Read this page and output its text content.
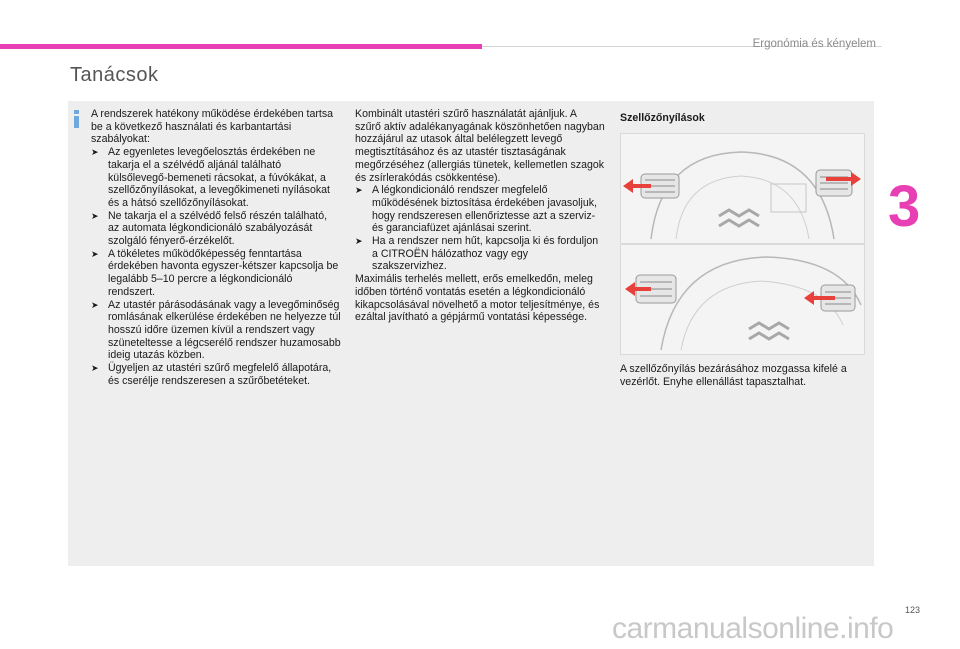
Ergonómia és kényelem
3
Tanácsok

A rendszerek hatékony működése érdekében tartsa be a következő használati és karbantartási szabályokat:

➤ Az egyenletes levegőelosztás érdekében ne takarja el a szélvédő aljánál található külsőlevegő-bemeneti rácsokat, a fúvókákat, a szellőzőnyílásokat, a levegőkimeneti nyílásokat és a hátsó szellőzőnyílásokat.
➤ Ne takarja el a szélvédő felső részén található, az automata légkondicionáló szabályozását szolgáló fényerő-érzékelőt.
➤ A tökéletes működőképesség fenntartása érdekében havonta egyszer-kétszer kapcsolja be legalább 5–10 percre a légkondicionáló rendszert.
➤ Az utastér párásodásának vagy a levegőminőség romlásának elkerülése érdekében ne helyezze túl hosszú időre üzemen kívül a rendszert vagy szüneteltesse a légcserélő rendszer huzamosabb ideig utazás közben.
➤ Ügyeljen az utastéri szűrő megfelelő állapotára, és cserélje rendszeresen a szűrőbetéteket.

Kombinált utastéri szűrő használatát ajánljuk. A szűrő aktív adalékanyagának köszönhetően nagyban hozzájárul az utasok által belélegzett levegő megtisztításához és az utastér tisztaságának megőrzéséhez (allergiás tünetek, kellemetlen szagok és zsírlerakódás csökkentése).

➤ A légkondicionáló rendszer megfelelő működésének biztosítása érdekében javasoljuk, hogy rendszeresen ellenőriztesse azt a szerviz- és garanciafüzet ajánlásai szerint.
➤ Ha a rendszer nem hűt, kapcsolja ki és forduljon a CITROËN hálózathoz vagy egy szakszervizhez.

Maximális terhelés mellett, erős emelkedőn, meleg időben történő vontatás esetén a légkondicionáló kikapcsolásával növelhető a motor teljesítménye, és ezáltal javítható a gépjármű vontatási képessége.

Szellőzőnyílások

A szellőzőnyílás bezárásához mozgassa kifelé a vezérlőt. Enyhe ellenállást tapasztalhat.
123
carmanualsonline.info
